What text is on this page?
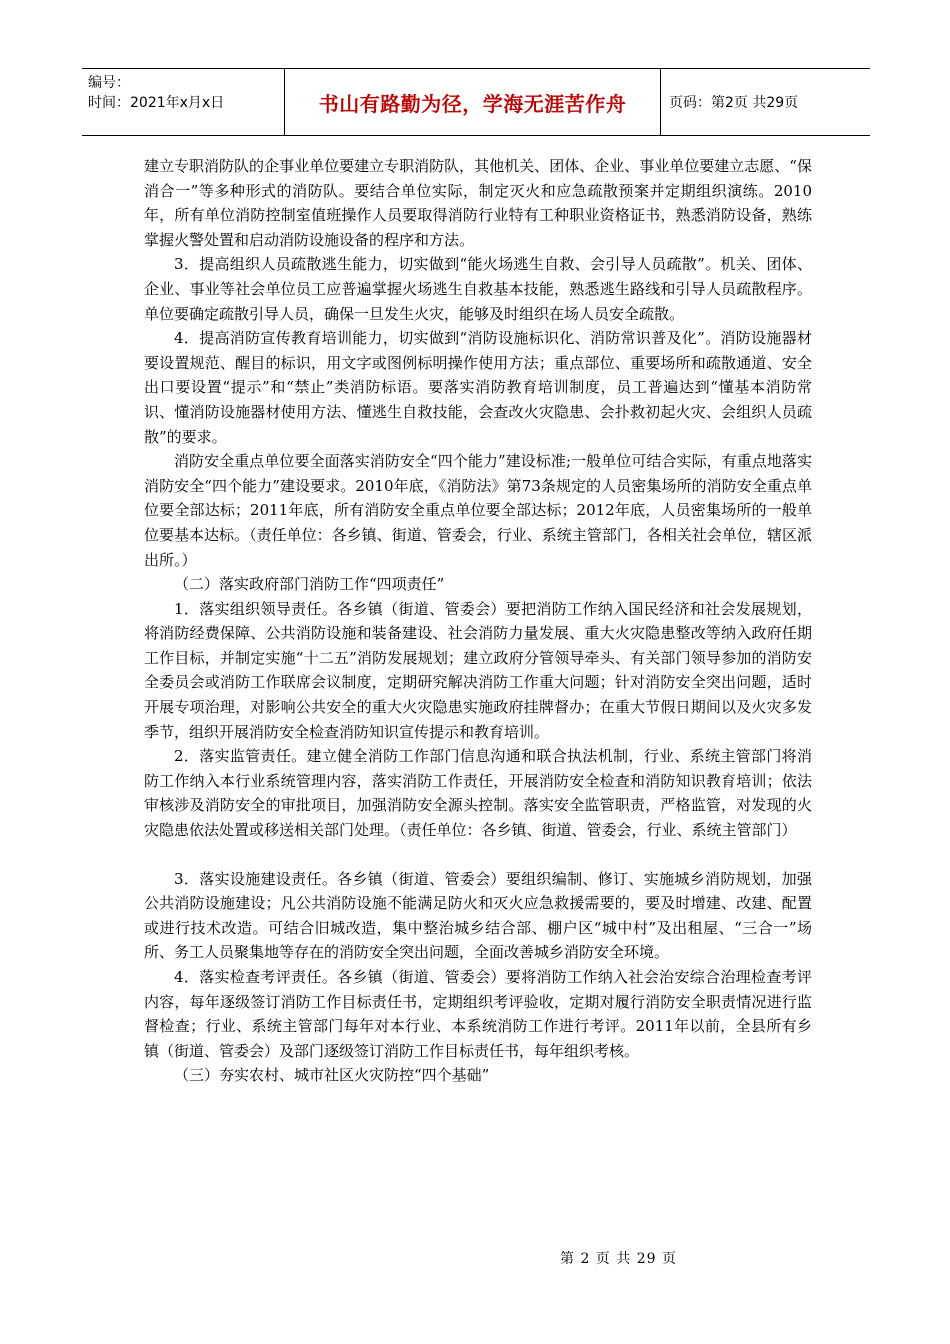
编号：
时间：2021年x月x日	书山有路勤为径，学海无涯苦作舟	页码：第2页 共29页

建立专职消防队的企事业单位要建立专职消防队，其他机关、团体、企业、事业单位要建立志愿、“保消合一”等多种形式的消防队。要结合单位实际，制定灭火和应急疏散预案并定期组织演练。2010年，所有单位消防控制室值班操作人员要取得消防行业特有工种职业资格证书，熟悉消防设备，熟练掌握火警处置和启动消防设施设备的程序和方法。

3．提高组织人员疏散逃生能力，切实做到“能火场逃生自救、会引导人员疏散”。机关、团体、企业、事业等社会单位员工应普遍掌握火场逃生自救基本技能，熟悉逃生路线和引导人员疏散程序。单位要确定疏散引导人员，确保一旦发生火灾，能够及时组织在场人员安全疏散。

4．提高消防宣传教育培训能力，切实做到“消防设施标识化、消防常识普及化”。消防设施器材要设置规范、醒目的标识，用文字或图例标明操作使用方法；重点部位、重要场所和疏散通道、安全出口要设置“提示”和“禁止”类消防标语。要落实消防教育培训制度，员工普遍达到“懂基本消防常识、懂消防设施器材使用方法、懂逃生自救技能，会查改火灾隐患、会扑救初起火灾、会组织人员疏散”的要求。

消防安全重点单位要全面落实消防安全“四个能力”建设标准;一般单位可结合实际，有重点地落实消防安全“四个能力”建设要求。2010年底，《消防法》第73条规定的人员密集场所的消防安全重点单位要全部达标；2011年底，所有消防安全重点单位要全部达标；2012年底，人员密集场所的一般单位要基本达标。（责任单位：各乡镇、街道、管委会，行业、系统主管部门，各相关社会单位，辖区派出所。）

（二）落实政府部门消防工作“四项责任”

1．落实组织领导责任。各乡镇（街道、管委会）要把消防工作纳入国民经济和社会发展规划，将消防经费保障、公共消防设施和装备建设、社会消防力量发展、重大火灾隐患整改等纳入政府任期工作目标，并制定实施“十二五”消防发展规划；建立政府分管领导牵头、有关部门领导参加的消防安全委员会或消防工作联席会议制度，定期研究解决消防工作重大问题；针对消防安全突出问题，适时开展专项治理，对影响公共安全的重大火灾隐患实施政府挂牌督办；在重大节假日期间以及火灾多发季节，组织开展消防安全检查消防知识宣传提示和教育培训。

2．落实监管责任。建立健全消防工作部门信息沟通和联合执法机制，行业、系统主管部门将消防工作纳入本行业系统管理内容，落实消防工作责任，开展消防安全检查和消防知识教育培训；依法审核涉及消防安全的审批项目，加强消防安全源头控制。落实安全监管职责，严格监管，对发现的火灾隐患依法处置或移送相关部门处理。（责任单位：各乡镇、街道、管委会，行业、系统主管部门）

3．落实设施建设责任。各乡镇（街道、管委会）要组织编制、修订、实施城乡消防规划，加强公共消防设施建设；凡公共消防设施不能满足防火和灭火应急救援需要的，要及时增建、改建、配置或进行技术改造。可结合旧城改造，集中整治城乡结合部、棚户区“城中村”及出租屋、“三合一”场所、务工人员聚集地等存在的消防安全突出问题，全面改善城乡消防安全环境。

4．落实检查考评责任。各乡镇（街道、管委会）要将消防工作纳入社会治安综合治理检查考评内容，每年逐级签订消防工作目标责任书，定期组织考评验收，定期对履行消防安全职责情况进行监督检查；行业、系统主管部门每年对本行业、本系统消防工作进行考评。2011年以前，全县所有乡镇（街道、管委会）及部门逐级签订消防工作目标责任书，每年组织考核。

（三）夯实农村、城市社区火灾防控“四个基础”

第 2 页 共 29 页
